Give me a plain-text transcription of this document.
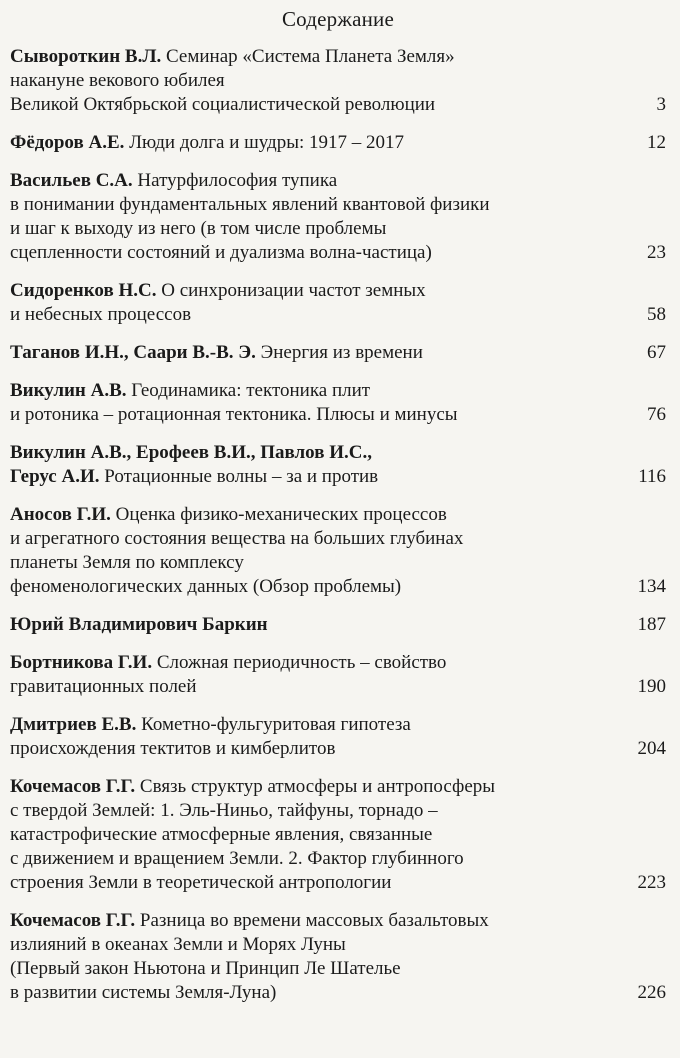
Содержание
Сывороткин В.Л. Семинар «Система Планета Земля»
накануне векового юбилея
Великой Октябрьской социалистической революции	3
Фёдоров А.Е. Люди долга и шудры: 1917 – 2017	12
Васильев С.А. Натурфилософия тупика
в понимании фундаментальных явлений квантовой физики
и шаг к выходу из него (в том числе проблемы
сцепленности состояний и дуализма волна-частица)	23
Сидоренков Н.С. О синхронизации частот земных
и небесных процессов	58
Таганов И.Н., Саари В.-В. Э. Энергия из времени	67
Викулин А.В. Геодинамика: тектоника плит
и ротоника – ротационная тектоника. Плюсы и минусы	76
Викулин А.В., Ерофеев В.И., Павлов И.С.,
Герус А.И. Ротационные волны – за и против	116
Аносов Г.И. Оценка физико-механических процессов
и агрегатного состояния вещества на больших глубинах
планеты Земля по комплексу
феноменологических данных (Обзор проблемы)	134
Юрий Владимирович Баркин	187
Бортникова Г.И. Сложная периодичность – свойство
гравитационных полей	190
Дмитриев Е.В. Кометно-фульгуритовая гипотеза
происхождения тектитов и кимберлитов	204
Кочемасов Г.Г. Связь структур атмосферы и антропосферы
с твердой Землей: 1. Эль-Ниньо, тайфуны, торнадо –
катастрофические атмосферные явления, связанные
с движением и вращением Земли. 2. Фактор глубинного
строения Земли в теоретической антропологии	223
Кочемасов Г.Г. Разница во времени массовых базальтовых
излияний в океанах Земли и Морях Луны
(Первый закон Ньютона и Принцип Ле Шателье
в развитии системы Земля-Луна)	226
